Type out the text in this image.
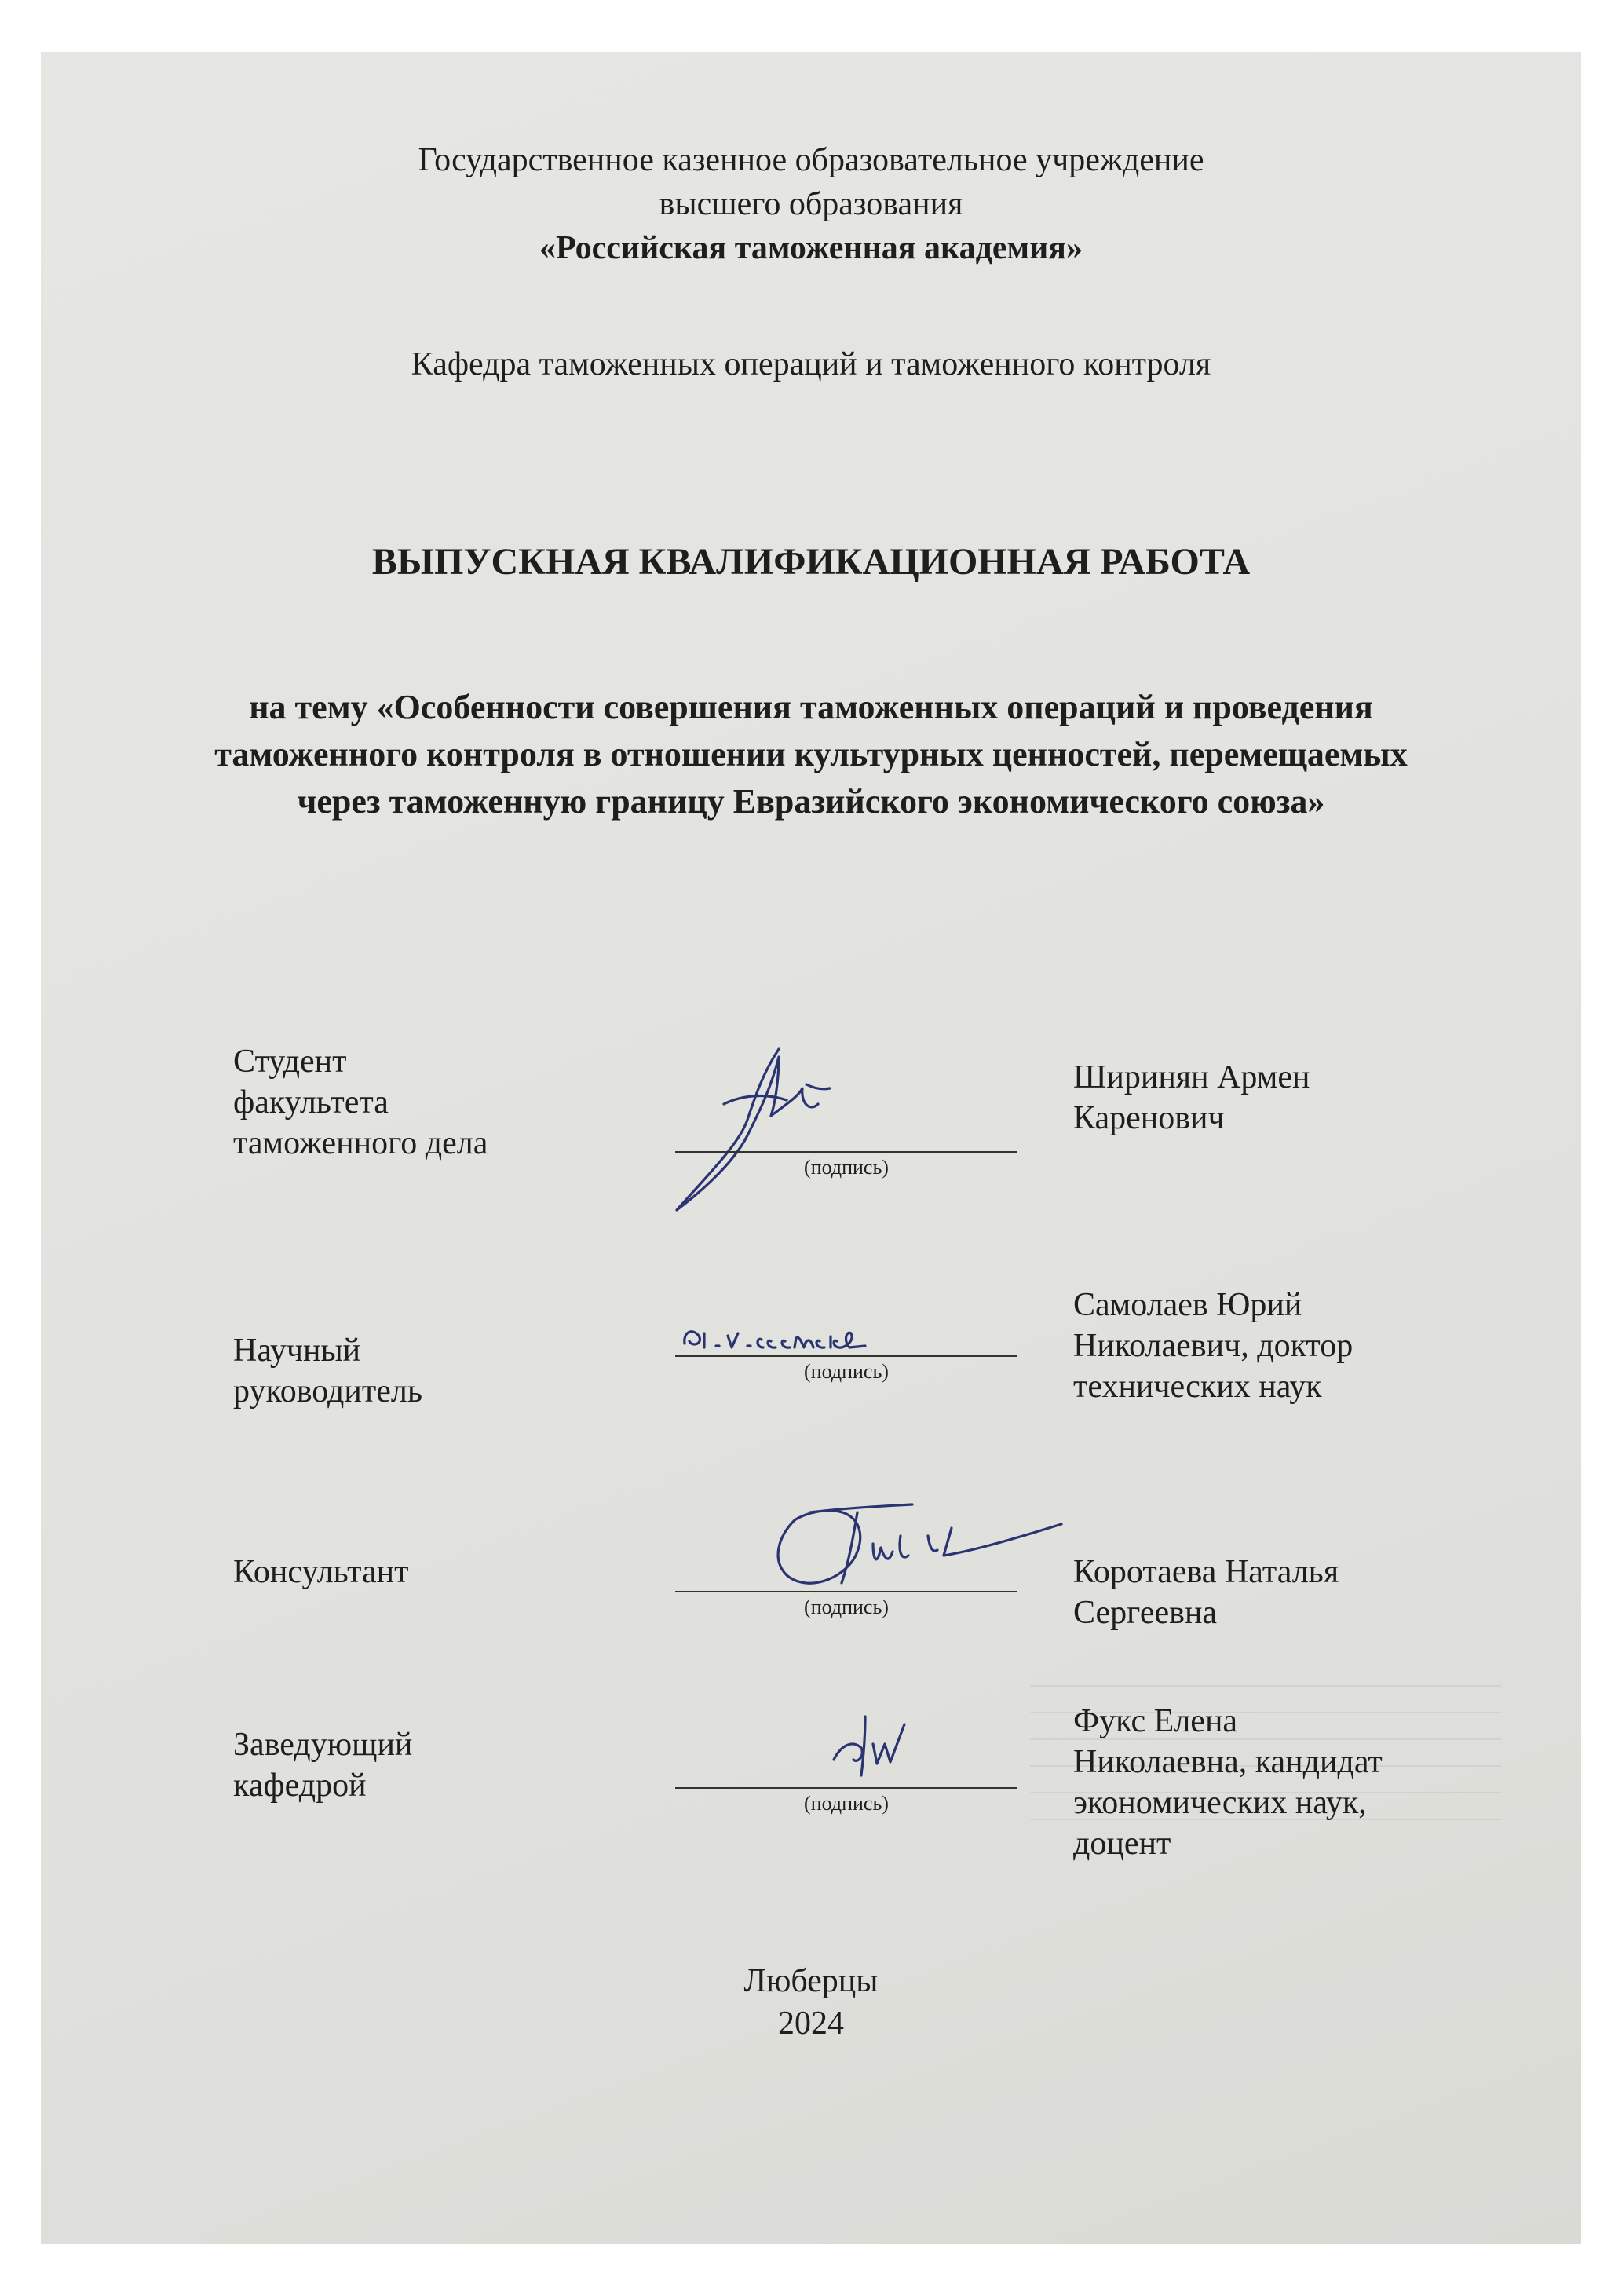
Государственное казенное образовательное учреждение
высшего образования
«Российская таможенная академия»
Кафедра таможенных операций и таможенного контроля
ВЫПУСКНАЯ КВАЛИФИКАЦИОННАЯ РАБОТА
на тему «Особенности совершения таможенных операций и проведения таможенного контроля в отношении культурных ценностей, перемещаемых через таможенную границу Евразийского экономического союза»
Студент
факультета
таможенного дела
(подпись)
Ширинян Армен
Каренович
Научный
руководитель
(подпись)
Самолаев Юрий
Николаевич, доктор
технических наук
Консультант
(подпись)
Коротаева Наталья
Сергеевна
Заведующий
кафедрой	(подпись)
Фукс Елена
Николаевна, кандидат
экономических наук,
доцент
Люберцы
2024
